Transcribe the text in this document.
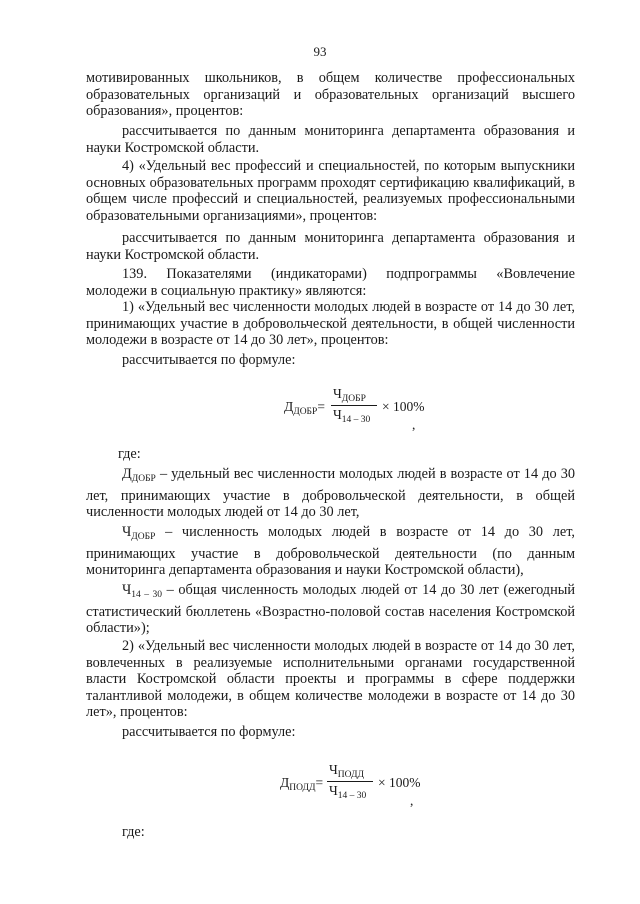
93

мотивированных школьников, в общем количестве профессиональных образовательных организаций и образовательных организаций высшего образования», процентов:

рассчитывается по данным мониторинга департамента образования и науки Костромской области.

4) «Удельный вес профессий и специальностей, по которым выпускники основных образовательных программ проходят сертификацию квалификаций, в общем числе профессий и специальностей, реализуемых профессиональными образовательными организациями», процентов:

рассчитывается по данным мониторинга департамента образования и науки Костромской области.

139. Показателями (индикаторами) подпрограммы «Вовлечение молодежи в социальную практику» являются:

1) «Удельный вес численности молодых людей в возрасте от 14 до 30 лет, принимающих участие в добровольческой деятельности, в общей численности молодежи в возрасте от 14 до 30 лет», процентов:

рассчитывается по формуле:

$Д_{ДОБР}=$
$Ч_{ДОБР}$
$Ч_{14 - 30}$
× 100%
,

где:

$Д_{ДОБР}$ – удельный вес численности молодых людей в возрасте от 14 до 30 лет, принимающих участие в добровольческой деятельности, в общей численности молодых людей от 14 до 30 лет,

$Ч_{ДОБР}$ – численность молодых людей в возрасте от 14 до 30 лет, принимающих участие в добровольческой деятельности (по данным мониторинга департамента образования и науки Костромской области),

$Ч_{14 - 30}$ – общая численность молодых людей от 14 до 30 лет (ежегодный статистический бюллетень «Возрастно-половой состав населения Костромской области»);

2) «Удельный вес численности молодых людей в возрасте от 14 до 30 лет, вовлеченных в реализуемые исполнительными органами государственной власти Костромской области проекты и программы в сфере поддержки талантливой молодежи, в общем количестве молодежи в возрасте от 14 до 30 лет», процентов:

рассчитывается по формуле:

$Д_{ПОДД}=$
$Ч_{ПОДД}$
$Ч_{14 - 30}$
× 100%
,

где:
